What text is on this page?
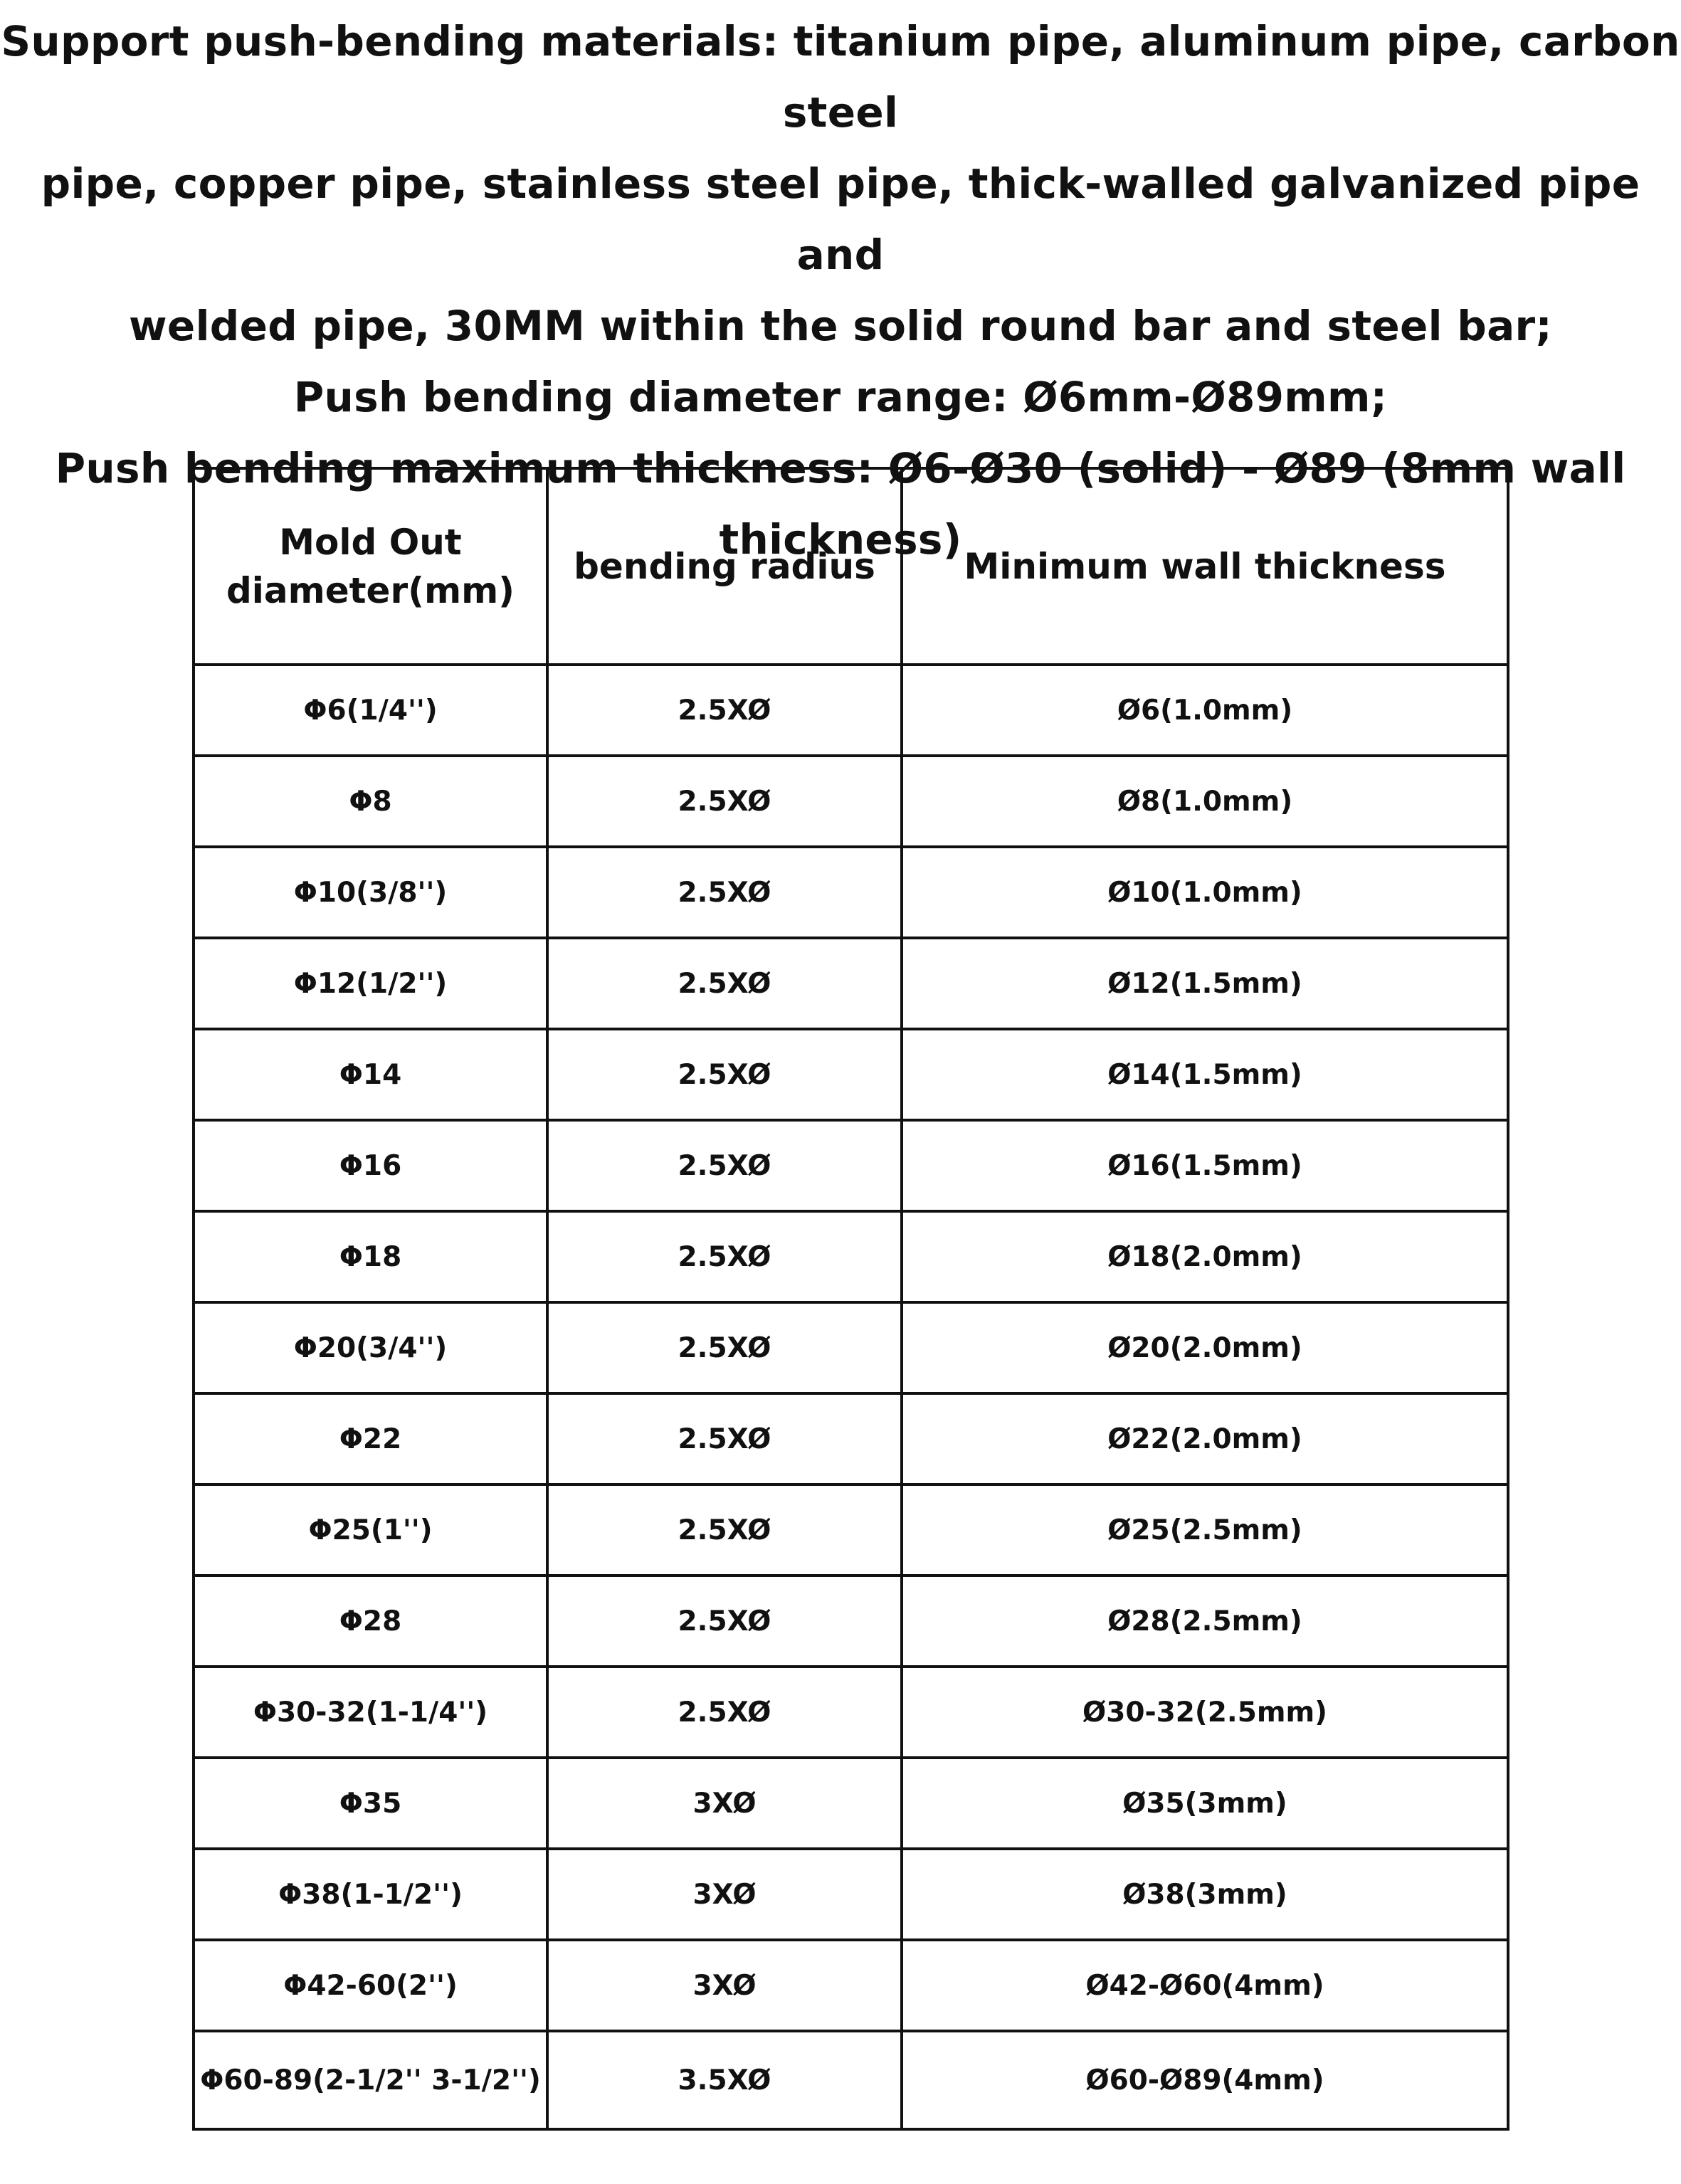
Support push-bending materials: titanium pipe, aluminum pipe, carbon steel

pipe, copper pipe, stainless steel pipe, thick-walled galvanized pipe and

welded pipe, 30MM within the solid round bar and steel bar;

Push bending diameter range: Ø6mm-Ø89mm;

Push bending maximum thickness: Ø6-Ø30 (solid) - Ø89 (8mm wall

thickness)

Mold Out
diameter(mm)	bending radius	Minimum wall thickness
Φ6(1/4'')	2.5XØ	Ø6(1.0mm)
Φ8	2.5XØ	Ø8(1.0mm)
Φ10(3/8'')	2.5XØ	Ø10(1.0mm)
Φ12(1/2'')	2.5XØ	Ø12(1.5mm)
Φ14	2.5XØ	Ø14(1.5mm)
Φ16	2.5XØ	Ø16(1.5mm)
Φ18	2.5XØ	Ø18(2.0mm)
Φ20(3/4'')	2.5XØ	Ø20(2.0mm)
Φ22	2.5XØ	Ø22(2.0mm)
Φ25(1'')	2.5XØ	Ø25(2.5mm)
Φ28	2.5XØ	Ø28(2.5mm)
Φ30-32(1-1/4'')	2.5XØ	Ø30-32(2.5mm)
Φ35	3XØ	Ø35(3mm)
Φ38(1-1/2'')	3XØ	Ø38(3mm)
Φ42-60(2'')	3XØ	Ø42-Ø60(4mm)
Φ60-89(2-1/2'' 3-1/2'')	3.5XØ	Ø60-Ø89(4mm)
